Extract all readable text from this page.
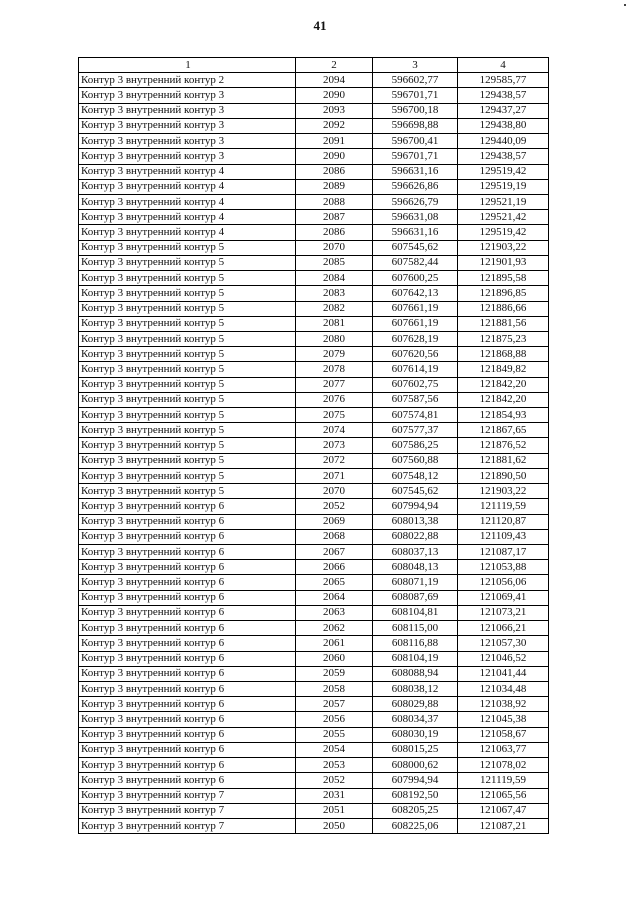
41
1	2	3	4
Контур 3 внутренний контур 2	2094	596602,77	129585,77
Контур 3 внутренний контур 3	2090	596701,71	129438,57
Контур 3 внутренний контур 3	2093	596700,18	129437,27
Контур 3 внутренний контур 3	2092	596698,88	129438,80
Контур 3 внутренний контур 3	2091	596700,41	129440,09
Контур 3 внутренний контур 3	2090	596701,71	129438,57
Контур 3 внутренний контур 4	2086	596631,16	129519,42
Контур 3 внутренний контур 4	2089	596626,86	129519,19
Контур 3 внутренний контур 4	2088	596626,79	129521,19
Контур 3 внутренний контур 4	2087	596631,08	129521,42
Контур 3 внутренний контур 4	2086	596631,16	129519,42
Контур 3 внутренний контур 5	2070	607545,62	121903,22
Контур 3 внутренний контур 5	2085	607582,44	121901,93
Контур 3 внутренний контур 5	2084	607600,25	121895,58
Контур 3 внутренний контур 5	2083	607642,13	121896,85
Контур 3 внутренний контур 5	2082	607661,19	121886,66
Контур 3 внутренний контур 5	2081	607661,19	121881,56
Контур 3 внутренний контур 5	2080	607628,19	121875,23
Контур 3 внутренний контур 5	2079	607620,56	121868,88
Контур 3 внутренний контур 5	2078	607614,19	121849,82
Контур 3 внутренний контур 5	2077	607602,75	121842,20
Контур 3 внутренний контур 5	2076	607587,56	121842,20
Контур 3 внутренний контур 5	2075	607574,81	121854,93
Контур 3 внутренний контур 5	2074	607577,37	121867,65
Контур 3 внутренний контур 5	2073	607586,25	121876,52
Контур 3 внутренний контур 5	2072	607560,88	121881,62
Контур 3 внутренний контур 5	2071	607548,12	121890,50
Контур 3 внутренний контур 5	2070	607545,62	121903,22
Контур 3 внутренний контур 6	2052	607994,94	121119,59
Контур 3 внутренний контур 6	2069	608013,38	121120,87
Контур 3 внутренний контур 6	2068	608022,88	121109,43
Контур 3 внутренний контур 6	2067	608037,13	121087,17
Контур 3 внутренний контур 6	2066	608048,13	121053,88
Контур 3 внутренний контур 6	2065	608071,19	121056,06
Контур 3 внутренний контур 6	2064	608087,69	121069,41
Контур 3 внутренний контур 6	2063	608104,81	121073,21
Контур 3 внутренний контур 6	2062	608115,00	121066,21
Контур 3 внутренний контур 6	2061	608116,88	121057,30
Контур 3 внутренний контур 6	2060	608104,19	121046,52
Контур 3 внутренний контур 6	2059	608088,94	121041,44
Контур 3 внутренний контур 6	2058	608038,12	121034,48
Контур 3 внутренний контур 6	2057	608029,88	121038,92
Контур 3 внутренний контур 6	2056	608034,37	121045,38
Контур 3 внутренний контур 6	2055	608030,19	121058,67
Контур 3 внутренний контур 6	2054	608015,25	121063,77
Контур 3 внутренний контур 6	2053	608000,62	121078,02
Контур 3 внутренний контур 6	2052	607994,94	121119,59
Контур 3 внутренний контур 7	2031	608192,50	121065,56
Контур 3 внутренний контур 7	2051	608205,25	121067,47
Контур 3 внутренний контур 7	2050	608225,06	121087,21
